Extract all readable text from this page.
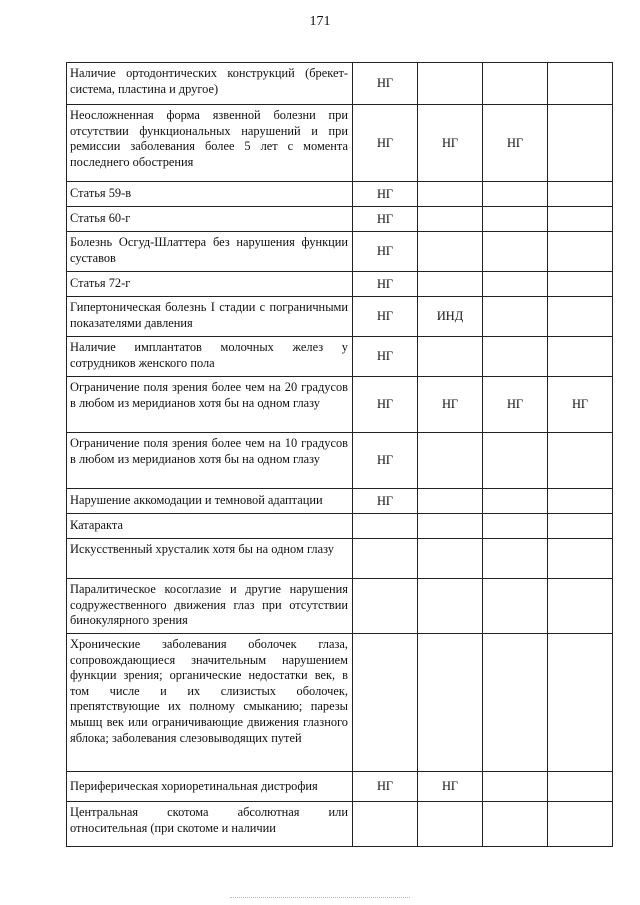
171
Наличие ортодонтических конструкций (брекет-система, пластина и другое)	НГ			
Неосложненная форма язвенной болезни при отсутствии функциональных нарушений и при ремиссии заболевания более 5 лет с момента последнего обострения	НГ	НГ	НГ	
Статья 59-в	НГ			
Статья 60-г	НГ			
Болезнь Осгуд-Шлаттера без нарушения функции суставов	НГ			
Статья 72-г	НГ			
Гипертоническая болезнь I стадии с пограничными показателями давления	НГ	ИНД		
Наличие имплантатов молочных желез у сотрудников женского пола	НГ			
Ограничение поля зрения более чем на 20 градусов в любом из меридианов хотя бы на одном глазу	НГ	НГ	НГ	НГ
Ограничение поля зрения более чем на 10 градусов в любом из меридианов хотя бы на одном глазу	НГ			
Нарушение аккомодации и темновой адаптации	НГ			
Катаракта				
Искусственный хрусталик хотя бы на одном глазу				
Паралитическое косоглазие и другие нарушения содружественного движения глаз при отсутствии бинокулярного зрения				
Хронические заболевания оболочек глаза, сопровождающиеся значительным нарушением функции зрения; органические недостатки век, в том числе и их слизистых оболочек, препятствующие их полному смыканию; парезы мышц век или ограничивающие движения глазного яблока; заболевания слезовыводящих путей				
Периферическая хориоретинальная дистрофия	НГ	НГ		
Центральная скотома абсолютная или относительная (при скотоме и наличии				
